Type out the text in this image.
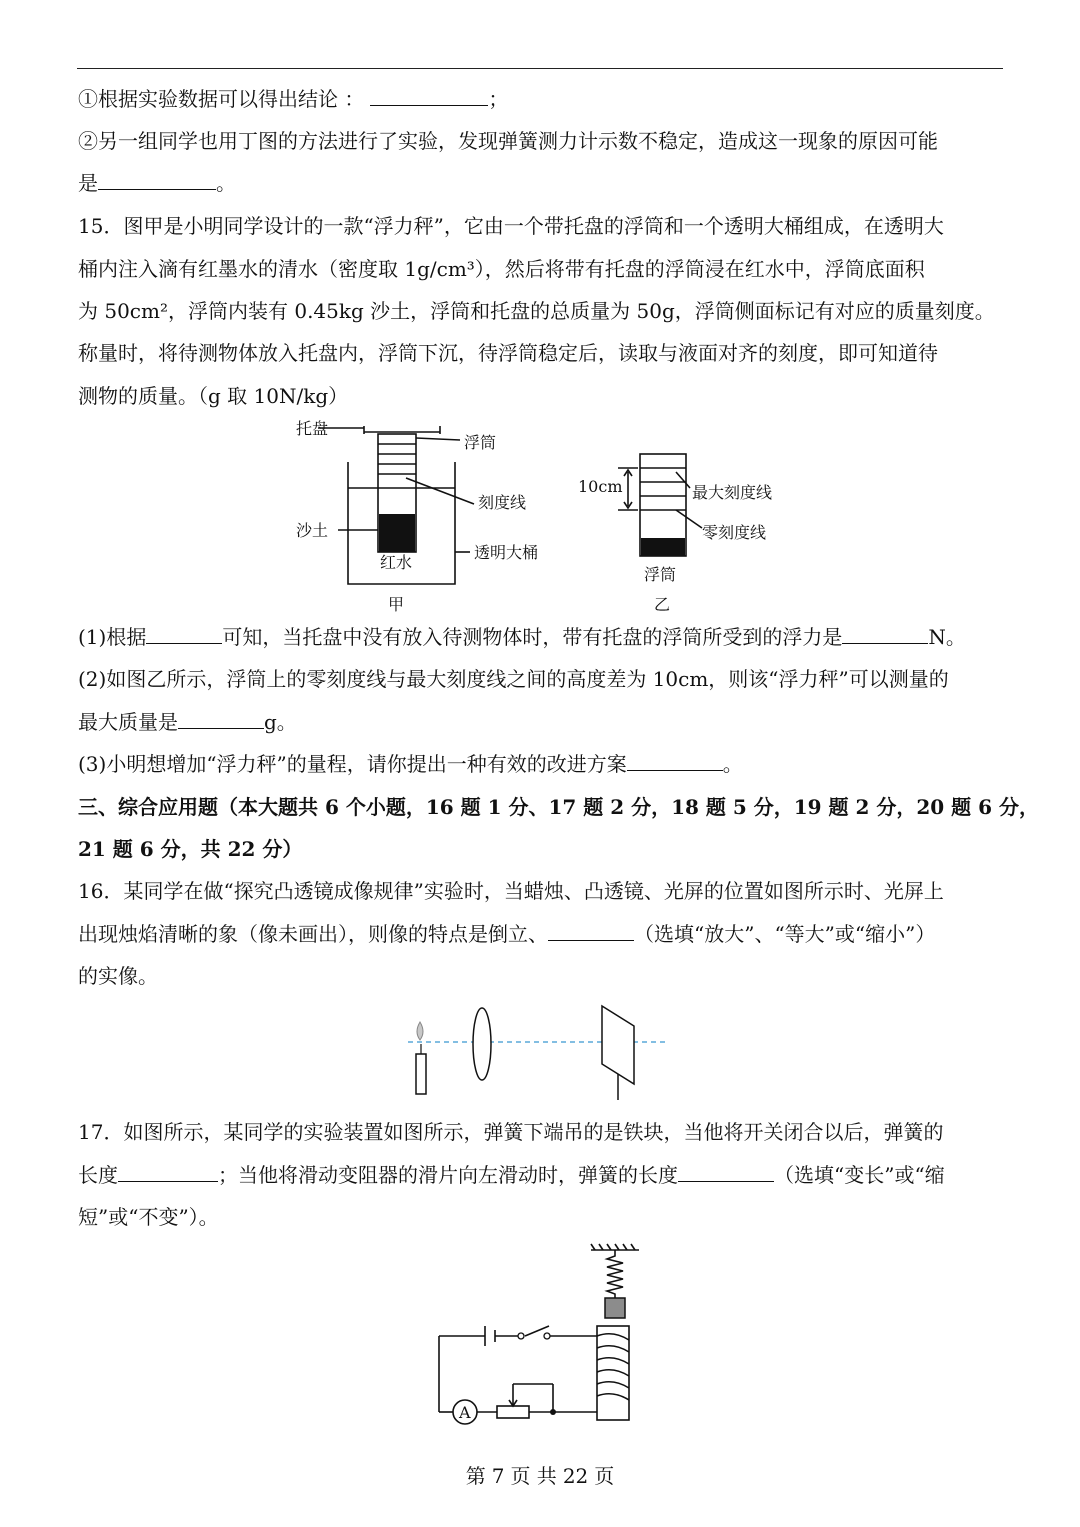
①根据实验数据可以得出结论 ：	；
②另一组同学也用丁图的方法进行了实验，发现弹簧测力计示数不稳定，造成这一现象的原因可能
是	。
15．图甲是小明同学设计的一款“浮力秤”，它由一个带托盘的浮筒和一个透明大桶组成，在透明大
桶内注入滴有红墨水的清水（密度取 1g/cm³），然后将带有托盘的浮筒浸在红水中，浮筒底面积
为 50cm²，浮筒内装有 0.45kg 沙土，浮筒和托盘的总质量为 50g，浮筒侧面标记有对应的质量刻度。
称量时，将待测物体放入托盘内，浮筒下沉，待浮筒稳定后，读取与液面对齐的刻度，即可知道待
测物的质量。（g 取 10N/kg）
托盘
浮筒
刻度线
沙土
红水
透明大桶
甲
10cm	最大刻度线
零刻度线
浮筒
乙
(1)根据	可知，当托盘中没有放入待测物体时，带有托盘的浮筒所受到的浮力是	N。
(2)如图乙所示，浮筒上的零刻度线与最大刻度线之间的高度差为 10cm，则该“浮力秤”可以测量的
最大质量是	g。
(3)小明想增加“浮力秤”的量程，请你提出一种有效的改进方案	。
三、综合应用题（本大题共 6 个小题，16 题 1 分、17 题 2 分，18 题 5 分，19 题 2 分，20 题 6 分，
21 题 6 分，共 22 分）
16．某同学在做“探究凸透镜成像规律”实验时，当蜡烛、凸透镜、光屏的位置如图所示时、光屏上
出现烛焰清晰的象（像未画出），则像的特点是倒立、	（选填“放大”、“等大”或“缩小”）
的实像。
17．如图所示，某同学的实验装置如图所示，弹簧下端吊的是铁块，当他将开关闭合以后，弹簧的
长度	；当他将滑动变阻器的滑片向左滑动时，弹簧的长度	（选填“变长”或“缩
短”或“不变”）。
A
第 7 页 共 22 页
